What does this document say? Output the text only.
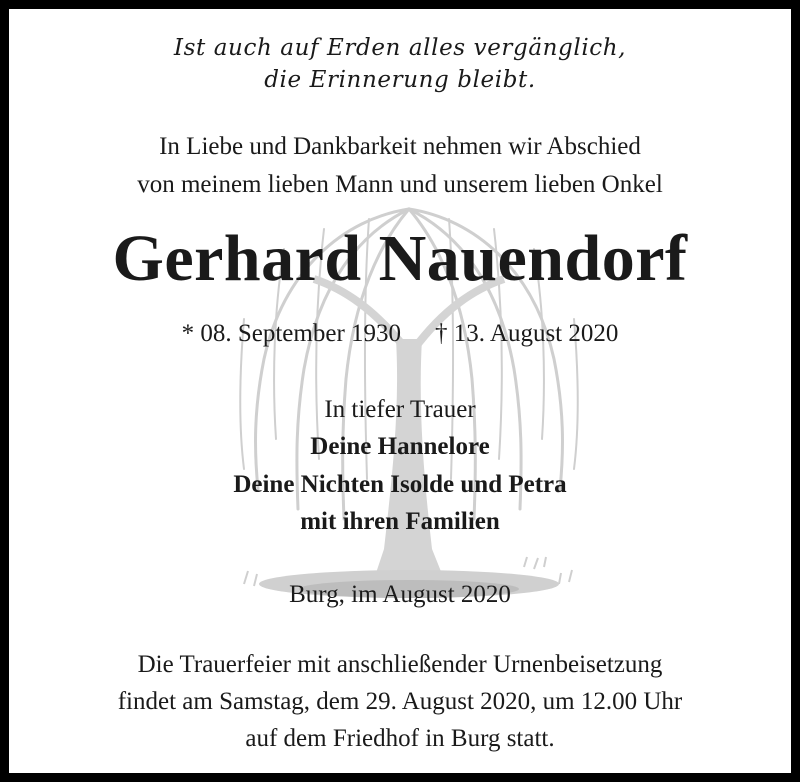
Ist auch auf Erden alles vergänglich,
die Erinnerung bleibt.
In Liebe und Dankbarkeit nehmen wir Abschied
von meinem lieben Mann und unserem lieben Onkel
Gerhard Nauendorf
* 08. September 1930 † 13. August 2020
In tiefer Trauer
Deine Hannelore
Deine Nichten Isolde und Petra
mit ihren Familien
Burg, im August 2020
Die Trauerfeier mit anschließender Urnenbeisetzung
findet am Samstag, dem 29. August 2020, um 12.00 Uhr
auf dem Friedhof in Burg statt.
